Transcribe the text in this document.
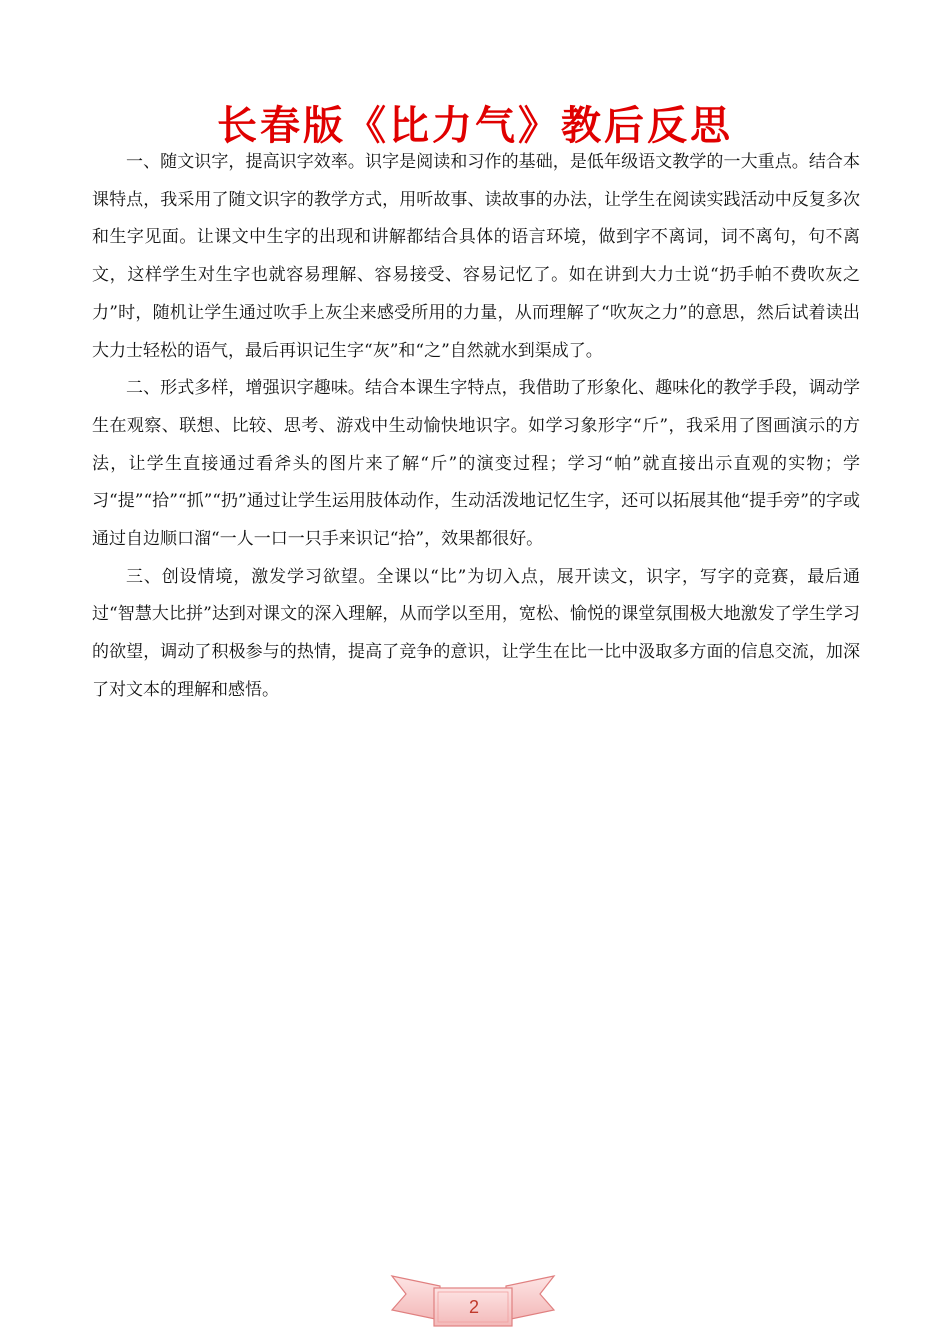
长春版《比力气》教后反思

一、随文识字，提高识字效率。识字是阅读和习作的基础，是低年级语文教学的一大重点。结合本课特点，我采用了随文识字的教学方式，用听故事、读故事的办法，让学生在阅读实践活动中反复多次和生字见面。让课文中生字的出现和讲解都结合具体的语言环境，做到字不离词，词不离句，句不离文，这样学生对生字也就容易理解、容易接受、容易记忆了。如在讲到大力士说“扔手帕不费吹灰之力”时，随机让学生通过吹手上灰尘来感受所用的力量，从而理解了“吹灰之力”的意思，然后试着读出大力士轻松的语气，最后再识记生字“灰”和“之”自然就水到渠成了。

二、形式多样，增强识字趣味。结合本课生字特点，我借助了形象化、趣味化的教学手段，调动学生在观察、联想、比较、思考、游戏中生动愉快地识字。如学习象形字“斤”，我采用了图画演示的方法，让学生直接通过看斧头的图片来了解“斤”的演变过程；学习“帕”就直接出示直观的实物；学习“提”“拾”“抓”“扔”通过让学生运用肢体动作，生动活泼地记忆生字，还可以拓展其他“提手旁”的字或通过自边顺口溜“一人一口一只手来识记“拾”，效果都很好。

三、创设情境，激发学习欲望。全课以“比”为切入点，展开读文，识字，写字的竞赛，最后通过“智慧大比拼”达到对课文的深入理解，从而学以至用，宽松、愉悦的课堂氛围极大地激发了学生学习的欲望，调动了积极参与的热情，提高了竞争的意识，让学生在比一比中汲取多方面的信息交流，加深了对文本的理解和感悟。

2
